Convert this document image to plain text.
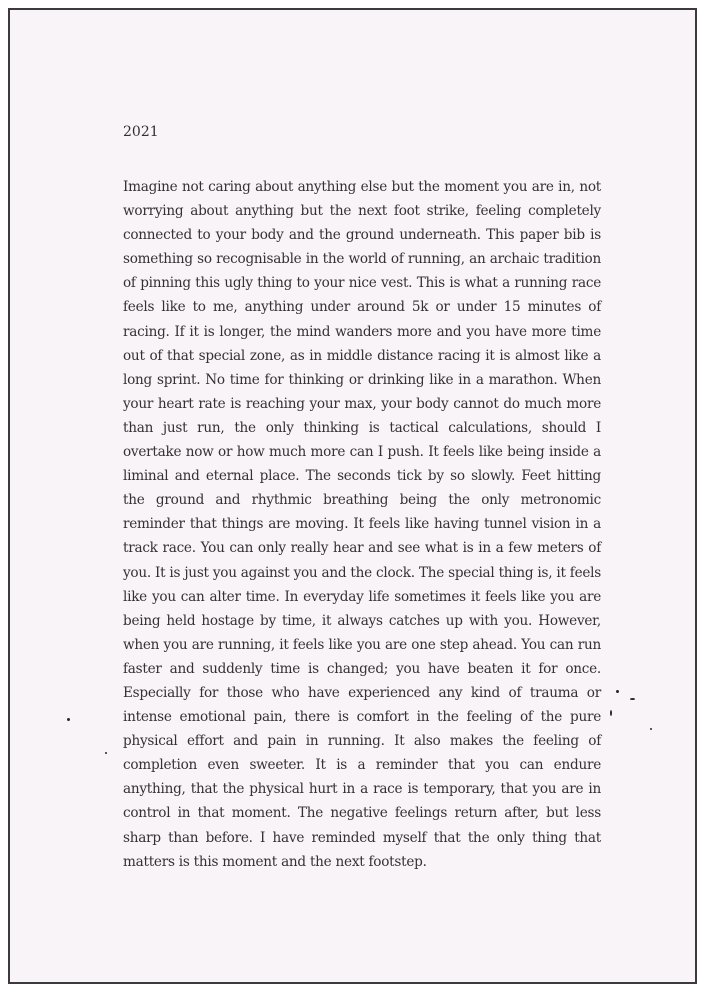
2021

Imagine not caring about anything else but the moment you are in, not worrying about anything but the next foot strike, feeling completely connected to your body and the ground underneath. This paper bib is something so recognisable in the world of running, an archaic tradition of pinning this ugly thing to your nice vest. This is what a running race feels like to me, anything under around 5k or under 15 minutes of racing. If it is longer, the mind wanders more and you have more time out of that special zone, as in middle distance racing it is almost like a long sprint. No time for thinking or drinking like in a marathon. When your heart rate is reaching your max, your body cannot do much more than just run, the only thinking is tactical calculations, should I overtake now or how much more can I push. It feels like being inside a liminal and eternal place. The seconds tick by so slowly. Feet hitting the ground and rhythmic breathing being the only metronomic reminder that things are moving. It feels like having tunnel vision in a track race. You can only really hear and see what is in a few meters of you. It is just you against you and the clock. The special thing is, it feels like you can alter time. In everyday life sometimes it feels like you are being held hostage by time, it always catches up with you. However, when you are running, it feels like you are one step ahead. You can run faster and suddenly time is changed; you have beaten it for once. Especially for those who have experienced any kind of trauma or intense emotional pain, there is comfort in the feeling of the pure physical effort and pain in running. It also makes the feeling of completion even sweeter. It is a reminder that you can endure anything, that the physical hurt in a race is temporary, that you are in control in that moment. The negative feelings return after, but less sharp than before. I have reminded myself that the only thing that matters is this moment and the next footstep.
